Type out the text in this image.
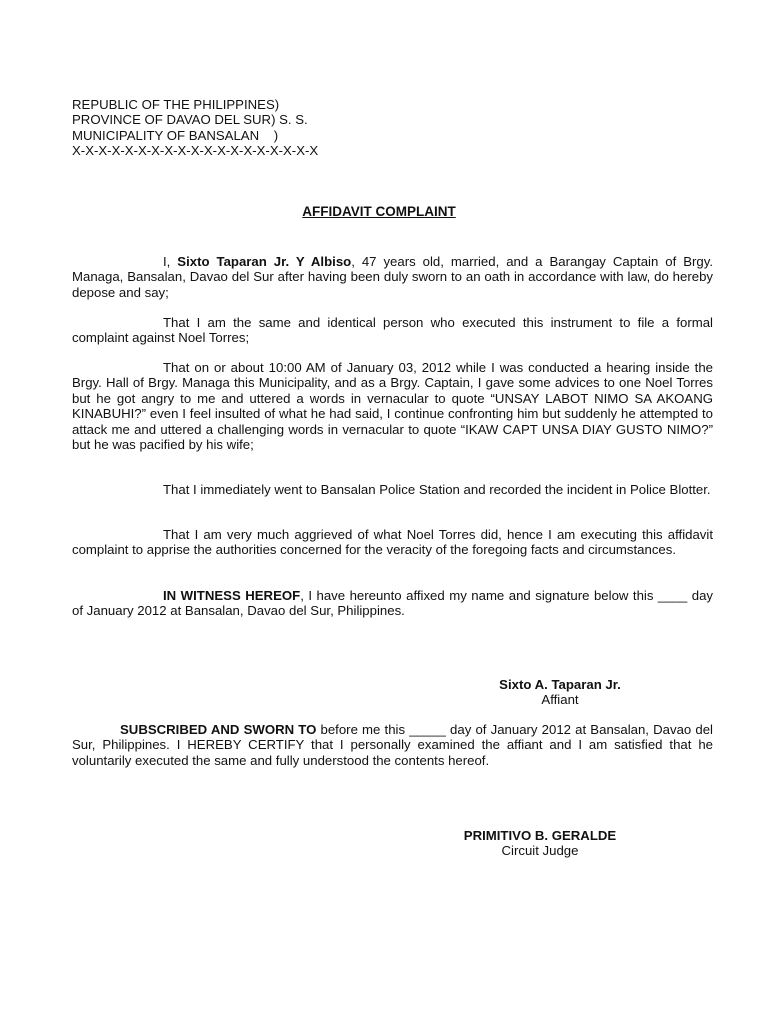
REPUBLIC OF THE PHILIPPINES)
PROVINCE OF DAVAO DEL SUR) S. S.
MUNICIPALITY OF BANSALAN    )
X-X-X-X-X-X-X-X-X-X-X-X-X-X-X-X-X-X-X
AFFIDAVIT COMPLAINT
I, Sixto Taparan Jr. Y Albiso, 47 years old, married, and a Barangay Captain of Brgy. Managa, Bansalan, Davao del Sur after having been duly sworn to an oath in accordance with law, do hereby depose and say;
That I am the same and identical person who executed this instrument to file a formal complaint against Noel Torres;
That on or about 10:00 AM of January 03, 2012 while I was conducted a hearing inside the Brgy. Hall of Brgy. Managa this Municipality, and as a Brgy. Captain, I gave some advices to one Noel Torres but he got angry to me and uttered a words in vernacular to quote “UNSAY LABOT NIMO SA AKOANG KINABUHI?” even I feel insulted of what he had said, I continue confronting him but suddenly he attempted to attack me and uttered a challenging words in vernacular to quote “IKAW CAPT UNSA DIAY GUSTO NIMO?” but he was pacified by his wife;
That I immediately went to Bansalan Police Station and recorded the incident in Police Blotter.
That I am very much aggrieved of what Noel Torres did, hence I am executing this affidavit complaint to apprise the authorities concerned for the veracity of the foregoing facts and circumstances.
IN WITNESS HEREOF, I have hereunto affixed my name and signature below this ____ day of January 2012 at Bansalan, Davao del Sur, Philippines.
Sixto A. Taparan Jr.
Affiant
SUBSCRIBED AND SWORN TO before me this _____ day of January 2012 at Bansalan, Davao del Sur, Philippines. I HEREBY CERTIFY that I personally examined the affiant and I am satisfied that he voluntarily executed the same and fully understood the contents hereof.
PRIMITIVO B. GERALDE
Circuit Judge
